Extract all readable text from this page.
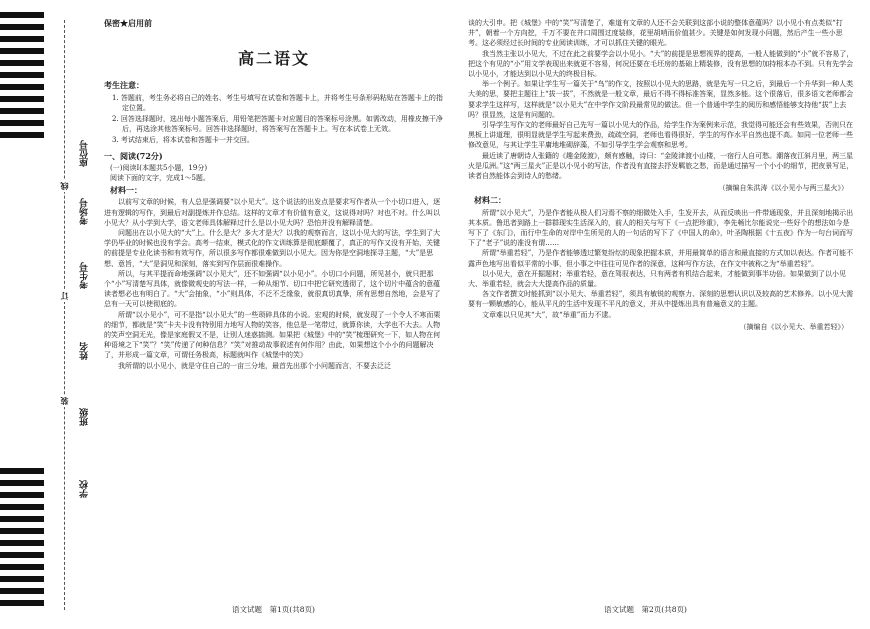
线
订
装
座位号
考场号
考生号
姓名
班级
学校
保密★启用前
高二语文
考生注意：
1. 答题前，考生务必将自己的姓名、考生号填写在试卷和答题卡上，并将考生号条形码粘贴在答题卡上的指定位置。
2. 回答选择题时，选出每小题答案后，用铅笔把答题卡对应题目的答案标号涂黑。如需改动，用橡皮擦干净后，再选涂其他答案标号。回答非选择题时，将答案写在答题卡上。写在本试卷上无效。
3. 考试结束后，将本试卷和答题卡一并交回。
一、阅读(72分)
(一)阅读Ⅰ(本题共5小题，19分)
阅读下面的文字，完成1～5题。
材料一：

以前写文章的时候，有人总是强调要“以小见大”。这个说法的出发点是要求写作者从一个小切口进入，逐进有逻辑的写作，到最后对副提炼并作总结。这样的文章才有价值有意义，这说得对吗？对也不对。什么叫以小见大？从小学到大学，语文老师具体解释过什么是以小见大吗？恐怕并没有解释清楚。

问题出在以小见大的“大”上。什么是大？多大才是大？以我的观察而言，这以小见大的写法，学生到了大学仍毕业的时候也没有学会。高考一结束，模式化的作文训练算是彻底颠覆了，真正的写作又没有开始，关键的前提是专业化读书和有效写作，所以很多写作都很难做到以小见大。因为你是空洞地探寻主题，“大”是思想、意旨，“大”是洞见和深刻，落实到写作层面很难操作。

所以，与其平提而命地强调“以小见大”，还不如强调“以小见小”。小切口小问题，所见甚小，就只把那个“小”写清楚写具体，就像微观史的写法一样，一种从细节、切口中把它研究透彻了，这个切片中蕴含的意蕴读者想必也有明白了。“大”会抽象，“小”则具体，不泛不乏缘象，就很真切真挚，所有思想自然地，会是写了总有一天可以使彻底的。

所谓“以小见小”，可不是指“以小见大”的一些琐碎具体的小说。宏观的时候，就发现了一个令人不寒而栗的细节，都就是“笑”卡夫卡没有特别用力地写人物的笑容，他总是一笔带过，就算你读，大学也不大去。人物的笑声空洞无光，像是家庭假又不是，让别人迷惑揣测。如果把《城堡》中的“笑”梳理研究一下，如人物在何种语境之下“笑”？“笑”传递了何种信息？“笑”对推动故事叙述有何作用？由此，如果想这个小小的问题解决了，并形成一篇文章，可谓任务极高，标题就叫作《城堡中的笑》

我所谓的以小见小，就是守住自己的一亩三分地，最首先出那个小问题而言，不要去泛泛

谈的大引申。把《城堡》中的“笑”写清楚了，难道有文章的人还不会关联到这部小说的整体意蕴吗？以小见小有点类似“打井”，朝着一个方向挖，千万不要在井口周围过度装修，花里胡哨而价值甚少。关键是如何发现小问题，然后产生一些小思考。这必须经过长时间的专业阅读训练，才可以抓住关键的眼光。

我当然主张以小见大，不过在此之前要学会以小见小。“大”的前提是思想视界的提高，一般人能做到的“小”就不容易了，把这个有见的“小”用文学表现出来就更不容易，何况还要在毛坯房的基础上精装修，没有思想的加持根本办不到。只有先学会以小见小，才能达到以小见大的终极目标。

举一个例子。如果让学生写一篇关于“鸟”的作文，按照以小见大的思路，就是先写一只之后，到最后一个升华到一种人类大美的思，要把主题往上“拔一拔”，不然就是一般文章，最后不得不得标准答案，显然多能。这个很落后，很多语文老师都会要求学生这样写，这样就是“以小见大”在中学作文阶段最常见的做法。但一个普通中学生的阅历和感悟能够支持他“拔”上去吗？很显然，这是有问题的。

引导学生写作文的老师最好自己先写一篇以小见大的作品，给学生作为案例来示范，我觉得可能还会有些效果，否则只在黑板上讲道理，很明显就是学生写起来费劲，疏疏空洞，老师也看得很好，学生的写作水平自然也提不高。如同一位老师一些修改意见，与其让学生平庸地堆砌辞藻，不如引导学生学会观察和思考。

最近读了唐朝诗人张籍的《趣金陵渡》，颇有感触，诗曰：“金陵津渡小山楼，一宿行人自可愁。潮落夜江斜月里，两三星火是瓜洲。”这“两三星火”正是以小见小的写法，作者没有直接去抒发羁旅之愁，而是通过描写一个小小的细节，把夜景写足，读者自然能体会到诗人的愁绪。

（摘编自朱洪涛《以小见小与两三星火》）
材料二：

所谓“以小见大”，乃是作者能从极人们习焉不察的细微处入手，生发开去，从而反映出一件带通现象，并且深刻地揭示出其本质。鲁迅者到路上一群群现实生活深入的，前人的相关与写下《一点把珍重》，李先畅比尔能说完一些好个的想法如今是写下了《东门》，而行中生命的对岸中生所见的人的一句话的写下了《中国人的命》，叶圣陶根据《十五夜》作为一句台词而写下了“老子”说的准没有谓……

所谓“举重若轻”，乃是作者能够透过繁复纷纭的现象把握本质，并用最简单的语言和最直接的方式加以表达。作者可能不露声色地写出看似平常的小事，但小事之中往往可见作者的深意，这种写作方法，在作文中被称之为“举重若轻”。

以小见大，意在开掘题材；举重若轻，意在驾驭表达，只有两者有机结合起来，才能做到事半功倍。如果做到了以小见大、举重若轻，就会大大提高作品的质量。

各文作者撰文时能抓到“以小见大、举重若轻”，须具有敏锐的观察力、深刻的思想认识以及较高的艺术修养。以小见大需要有一颗敏感的心，能从平凡的生活中发现不平凡的意义，并从中提炼出具有普遍意义的主题。

文章难以只见其“大”，故“举重”而力不逮。

（摘编自《以小见大、举重若轻》）
语文试题　第1页(共8页)	语文试题　第2页(共8页)
